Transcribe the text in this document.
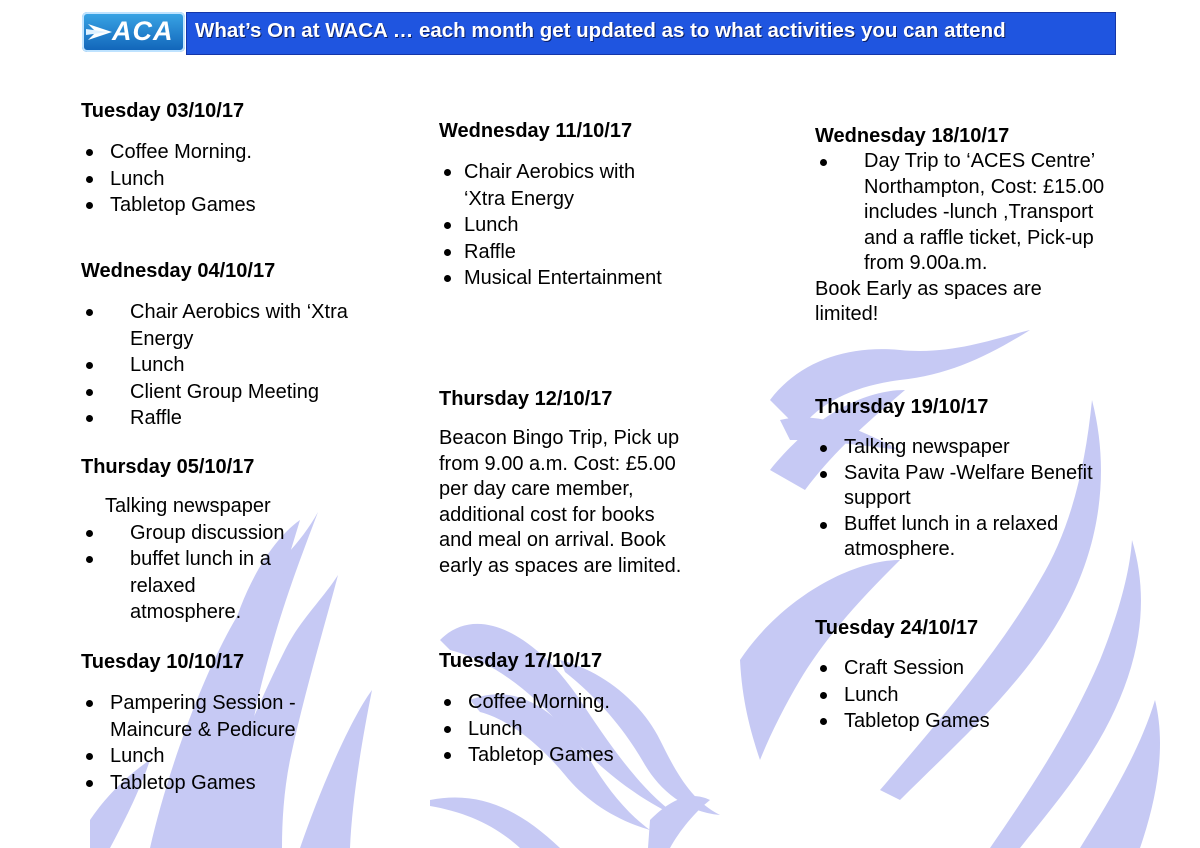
ACA What’s On at WACA … each month get updated as to what activities you can attend

Tuesday 03/10/17

Coffee Morning.
Lunch
Tabletop Games

Wednesday 04/10/17

Chair Aerobics with ‘Xtra Energy
Lunch
Client Group Meeting
Raffle

Thursday 05/10/17

Talking newspaper

Group discussion
buffet lunch in a relaxed atmosphere.

Tuesday 10/10/17

Pampering Session - Maincure & Pedicure
Lunch
Tabletop Games

Wednesday 11/10/17

Chair Aerobics with ‘Xtra Energy
Lunch
Raffle
Musical Entertainment

Thursday 12/10/17

Beacon Bingo Trip, Pick up from 9.00 a.m. Cost: £5.00 per day care member, additional cost for books and meal on arrival. Book early as spaces are limited.

Tuesday 17/10/17

Coffee Morning.
Lunch
Tabletop Games

Wednesday 18/10/17

Day Trip to ‘ACES Centre’ Northampton, Cost: £15.00 includes -lunch ,Transport and a raffle ticket, Pick-up from 9.00a.m.

Book Early as spaces are limited!

Thursday 19/10/17

Talking newspaper
Savita Paw -Welfare Benefit support
Buffet lunch in a relaxed atmosphere.

Tuesday 24/10/17

Craft Session
Lunch
Tabletop Games
